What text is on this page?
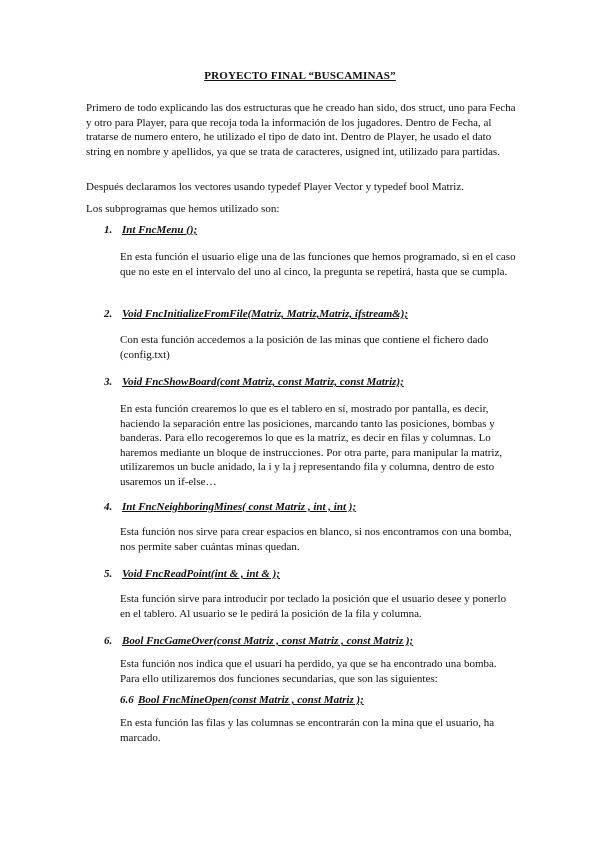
PROYECTO FINAL “BUSCAMINAS”

Primero de todo explicando las dos estructuras que he creado han sido, dos struct, uno para Fecha y otro para Player, para que recoja toda la información de los jugadores. Dentro de Fecha, al tratarse de numero entero, he utilizado el tipo de dato int. Dentro de Player, he usado el dato string en nombre y apellidos, ya que se trata de caracteres, usigned int, utilizado para partidas.

Después declaramos los vectores usando typedef Player Vector y typedef bool Matriz.

Los subprogramas que hemos utilizado son:

1. Int FncMenu ();

En esta función el usuario elige una de las funciones que hemos programado, si en el caso que no este en el intervalo del uno al cinco, la pregunta se repetirá, hasta que se cumpla.

2. Void FncInitializeFromFile(Matriz, Matriz,Matriz, ifstream&);

Con esta función accedemos a la posición de las minas que contiene el fichero dado (config.txt)

3. Void FncShowBoard(cont Matriz, const Matriz, const Matriz);

En esta función crearemos lo que es el tablero en sí, mostrado por pantalla, es decir, haciendo la separación entre las posiciones, marcando tanto las posiciones, bombas y banderas. Para ello recogeremos lo que es la matriz, es decir en filas y columnas. Lo haremos mediante un bloque de instrucciones. Por otra parte, para manipular la matriz, utilizaremos un bucle anidado, la i y la j representando fila y columna, dentro de esto usaremos un if-else…

4. Int FncNeighboringMines( const Matriz , int , int );

Esta función nos sirve para crear espacios en blanco, si nos encontramos con una bomba, nos permite saber cuántas minas quedan.

5. Void FncReadPoint(int & , int & );

Esta función sirve para introducir por teclado la posición que el usuario desee y ponerlo en el tablero. Al usuario se le pedirá la posición de la fila y columna.

6. Bool FncGameOver(const Matriz , const Matriz , const Matriz );

Esta función nos indica que el usuari ha perdido, ya que se ha encontrado una bomba. Para ello utilizaremos dos funciones secundarias, que son las siguientes:

6.6 Bool FncMineOpen(const Matriz , const Matriz );

En esta función las filas y las columnas se encontrarán con la mina que el usuario, ha marcado.
